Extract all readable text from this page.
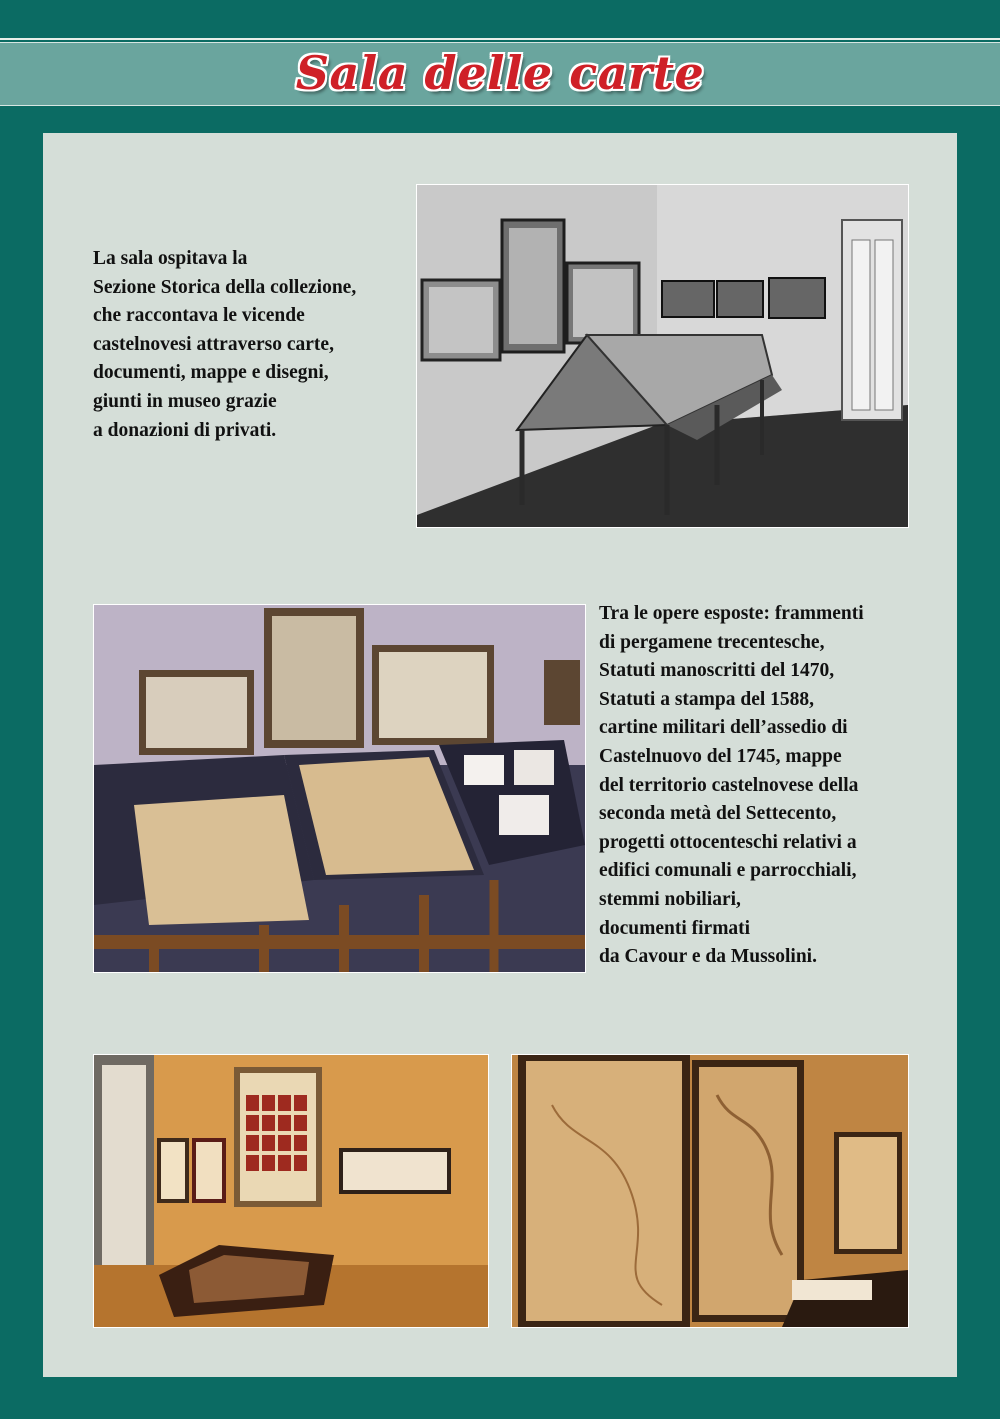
Sala delle carte

La sala ospitava la
Sezione Storica della collezione,
che raccontava le vicende
castelnovesi attraverso carte,
documenti, mappe e disegni,
giunti in museo grazie
a donazioni di privati.

Tra le opere esposte: frammenti
di pergamene trecentesche,
Statuti manoscritti del 1470,
Statuti a stampa del 1588,
cartine militari dell’assedio di
Castelnuovo del 1745, mappe
del territorio castelnovese della
seconda metà del Settecento,
progetti ottocenteschi relativi a
edifici comunali e parrocchiali,
stemmi nobiliari,
documenti firmati
da Cavour e da Mussolini.
